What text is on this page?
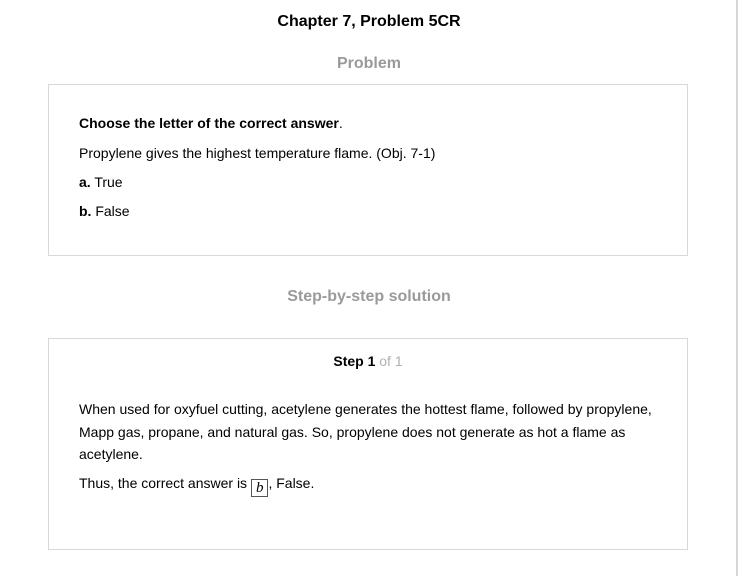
Chapter 7, Problem 5CR
Problem
Choose the letter of the correct answer.
Propylene gives the highest temperature flame. (Obj. 7-1)
a. True
b. False
Step-by-step solution
Step 1 of 1
When used for oxyfuel cutting, acetylene generates the hottest flame, followed by propylene, Mapp gas, propane, and natural gas. So, propylene does not generate as hot a flame as acetylene.
Thus, the correct answer is b , False.
